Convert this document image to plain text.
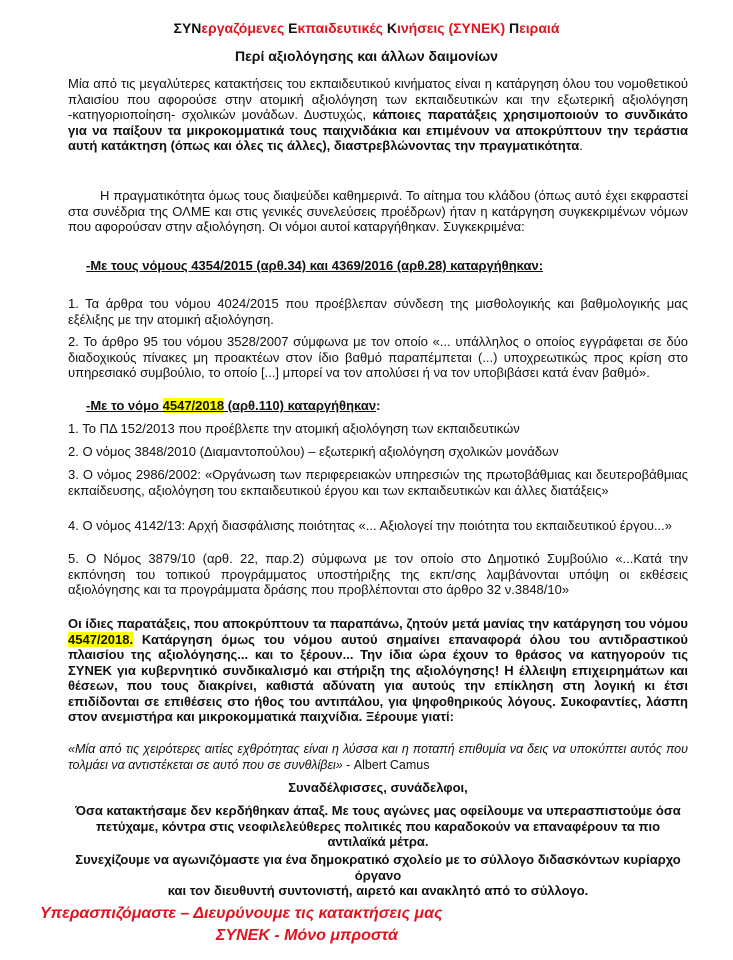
ΣΥΝεργαζόμενες Εκπαιδευτικές Κινήσεις (ΣΥΝΕΚ) Πειραιά
Περί αξιολόγησης και άλλων δαιμονίων
Μία από τις μεγαλύτερες κατακτήσεις του εκπαιδευτικού κινήματος είναι η κατάργηση όλου του νομοθετικού πλαισίου που αφορούσε στην ατομική αξιολόγηση των εκπαιδευτικών και την εξωτερική αξιολόγηση -κατηγοριοποίηση- σχολικών μονάδων. Δυστυχώς, κάποιες παρατάξεις χρησιμοποιούν το συνδικάτο για να παίξουν τα μικροκομματικά τους παιχνιδάκια και επιμένουν να αποκρύπτουν την τεράστια αυτή κατάκτηση (όπως και όλες τις άλλες), διαστρεβλώνοντας την πραγματικότητα.
Η πραγματικότητα όμως τους διαψεύδει καθημερινά. Το αίτημα του κλάδου (όπως αυτό έχει εκφραστεί στα συνέδρια της ΟΛΜΕ και στις γενικές συνελεύσεις προέδρων) ήταν η κατάργηση συγκεκριμένων νόμων που αφορούσαν στην αξιολόγηση. Οι νόμοι αυτοί καταργήθηκαν. Συγκεκριμένα:
-Με τους νόμους 4354/2015 (αρθ.34) και 4369/2016 (αρθ.28) καταργήθηκαν:
1. Τα άρθρα του νόμου 4024/2015 που προέβλεπαν σύνδεση της μισθολογικής και βαθμολογικής μας εξέλιξης με την ατομική αξιολόγηση.
2. Το άρθρο 95 του νόμου 3528/2007 σύμφωνα με τον οποίο «... υπάλληλος ο οποίος εγγράφεται σε δύο διαδοχικούς πίνακες μη προακτέων στον ίδιο βαθμό παραπέμπεται (...) υποχρεωτικώς προς κρίση στο υπηρεσιακό συμβούλιο, το οποίο [...] μπορεί να τον απολύσει ή να τον υποβιβάσει κατά έναν βαθμό».
-Με το νόμο 4547/2018 (αρθ.110) καταργήθηκαν:
1. Το ΠΔ 152/2013 που προέβλεπε την ατομική αξιολόγηση των εκπαιδευτικών
2. Ο νόμος 3848/2010 (Διαμαντοπούλου) – εξωτερική αξιολόγηση σχολικών μονάδων
3. Ο νόμος 2986/2002: «Οργάνωση των περιφερειακών υπηρεσιών της πρωτοβάθμιας και δευτεροβάθμιας εκπαίδευσης, αξιολόγηση του εκπαιδευτικού έργου και των εκπαιδευτικών και άλλες διατάξεις»
4. Ο νόμος 4142/13: Αρχή διασφάλισης ποιότητας «... Αξιολογεί την ποιότητα του εκπαιδευτικού έργου...»
5. Ο Νόμος 3879/10 (αρθ. 22, παρ.2) σύμφωνα με τον οποίο στο Δημοτικό Συμβούλιο «...Κατά την εκπόνηση του τοπικού προγράμματος υποστήριξης της εκπ/σης λαμβάνονται υπόψη οι εκθέσεις αξιολόγησης και τα προγράμματα δράσης που προβλέπονται στο άρθρο 32 ν.3848/10»
Οι ίδιες παρατάξεις, που αποκρύπτουν τα παραπάνω, ζητούν μετά μανίας την κατάργηση του νόμου 4547/2018. Κατάργηση όμως του νόμου αυτού σημαίνει επαναφορά όλου του αντιδραστικού πλαισίου της αξιολόγησης... και το ξέρουν... Την ίδια ώρα έχουν το θράσος να κατηγορούν τις ΣΥΝΕΚ για κυβερνητικό συνδικαλισμό και στήριξη της αξιολόγησης! Η έλλειψη επιχειρημάτων και θέσεων, που τους διακρίνει, καθιστά αδύνατη για αυτούς την επίκληση στη λογική κι έτσι επιδίδονται σε επιθέσεις στο ήθος του αντιπάλου, για ψηφοθηρικούς λόγους. Συκοφαντίες, λάσπη στον ανεμιστήρα και μικροκομματικά παιχνίδια. Ξέρουμε γιατί:
«Μία από τις χειρότερες αιτίες εχθρότητας είναι η λύσσα και η ποταπή επιθυμία να δεις να υποκύπτει αυτός που τολμάει να αντιστέκεται σε αυτό που σε συνθλίβει» - Albert Camus
Συναδέλφισσες, συνάδελφοι,
Όσα κατακτήσαμε δεν κερδήθηκαν άπαξ. Με τους αγώνες μας οφείλουμε να υπερασπιστούμε όσα πετύχαμε, κόντρα στις νεοφιλελεύθερες πολιτικές που καραδοκούν να επαναφέρουν τα πιο αντιλαϊκά μέτρα.
Συνεχίζουμε να αγωνιζόμαστε για ένα δημοκρατικό σχολείο με το σύλλογο διδασκόντων κυρίαρχο όργανο
και τον διευθυντή συντονιστή, αιρετό και ανακλητό από το σύλλογο.
Υπερασπιζόμαστε – Διευρύνουμε τις κατακτήσεις μας
ΣΥΝΕΚ - Μόνο μπροστά
